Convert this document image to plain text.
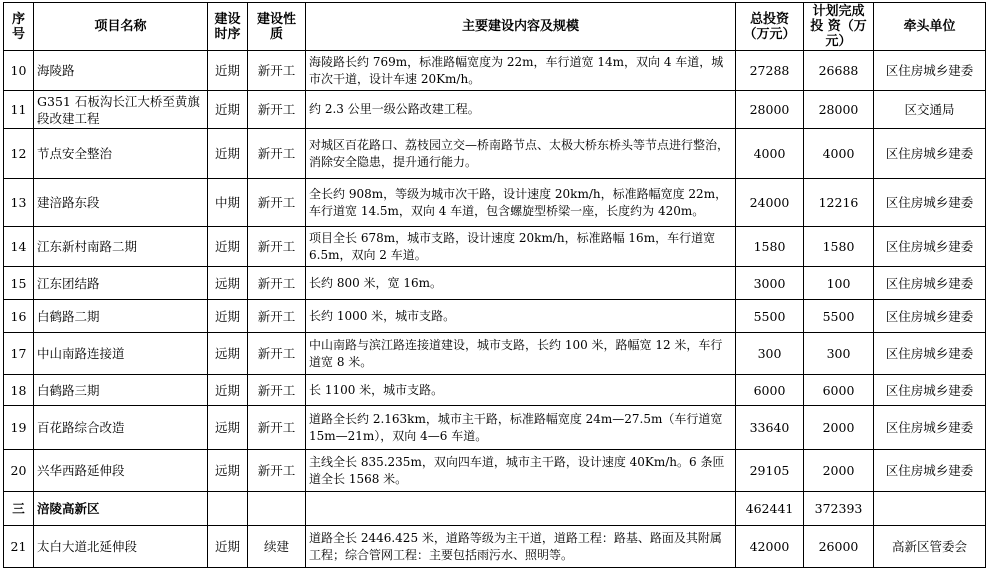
序号	项目名称	建设时序	建设性质	主要建设内容及规模	总投资（万元）	计划完成投 资（万元）	牵头单位
10	海陵路	近期	新开工	海陵路长约 769m，标准路幅宽度为 22m，车行道宽 14m，双向 4 车道，城市次干道，设计车速 20Km/h。	27288	26688	区住房城乡建委
11	G351 石板沟长江大桥至黄旗段改建工程	近期	新开工	约 2.3 公里一级公路改建工程。	28000	28000	区交通局
12	节点安全整治	近期	新开工	对城区百花路口、荔枝园立交—桥南路节点、太极大桥东桥头等节点进行整治，消除安全隐患，提升通行能力。	4000	4000	区住房城乡建委
13	建涪路东段	中期	新开工	全长约 908m，等级为城市次干路，设计速度 20km/h，标准路幅宽度 22m，车行道宽 14.5m，双向 4 车道，包含螺旋型桥梁一座，长度约为 420m。	24000	12216	区住房城乡建委
14	江东新村南路二期	近期	新开工	项目全长 678m，城市支路，设计速度 20km/h，标准路幅 16m，车行道宽 6.5m，双向 2 车道。	1580	1580	区住房城乡建委
15	江东团结路	远期	新开工	长约 800 米，宽 16m。	3000	100	区住房城乡建委
16	白鹤路二期	近期	新开工	长约 1000 米，城市支路。	5500	5500	区住房城乡建委
17	中山南路连接道	远期	新开工	中山南路与滨江路连接道建设，城市支路，长约 100 米，路幅宽 12 米，车行道宽 8 米。	300	300	区住房城乡建委
18	白鹤路三期	近期	新开工	长 1100 米，城市支路。	6000	6000	区住房城乡建委
19	百花路综合改造	远期	新开工	道路全长约 2.163km，城市主干路，标准路幅宽度 24m—27.5m（车行道宽 15m—21m），双向 4—6 车道。	33640	2000	区住房城乡建委
20	兴华西路延伸段	远期	新开工	主线全长 835.235m，双向四车道，城市主干路，设计速度 40Km/h。6 条匝道全长 1568 米。	29105	2000	区住房城乡建委
三	涪陵高新区				462441	372393	
21	太白大道北延伸段	近期	续建	道路全长 2446.425 米，道路等级为主干道，道路工程：路基、路面及其附属工程；综合管网工程：主要包括雨污水、照明等。	42000	26000	高新区管委会
